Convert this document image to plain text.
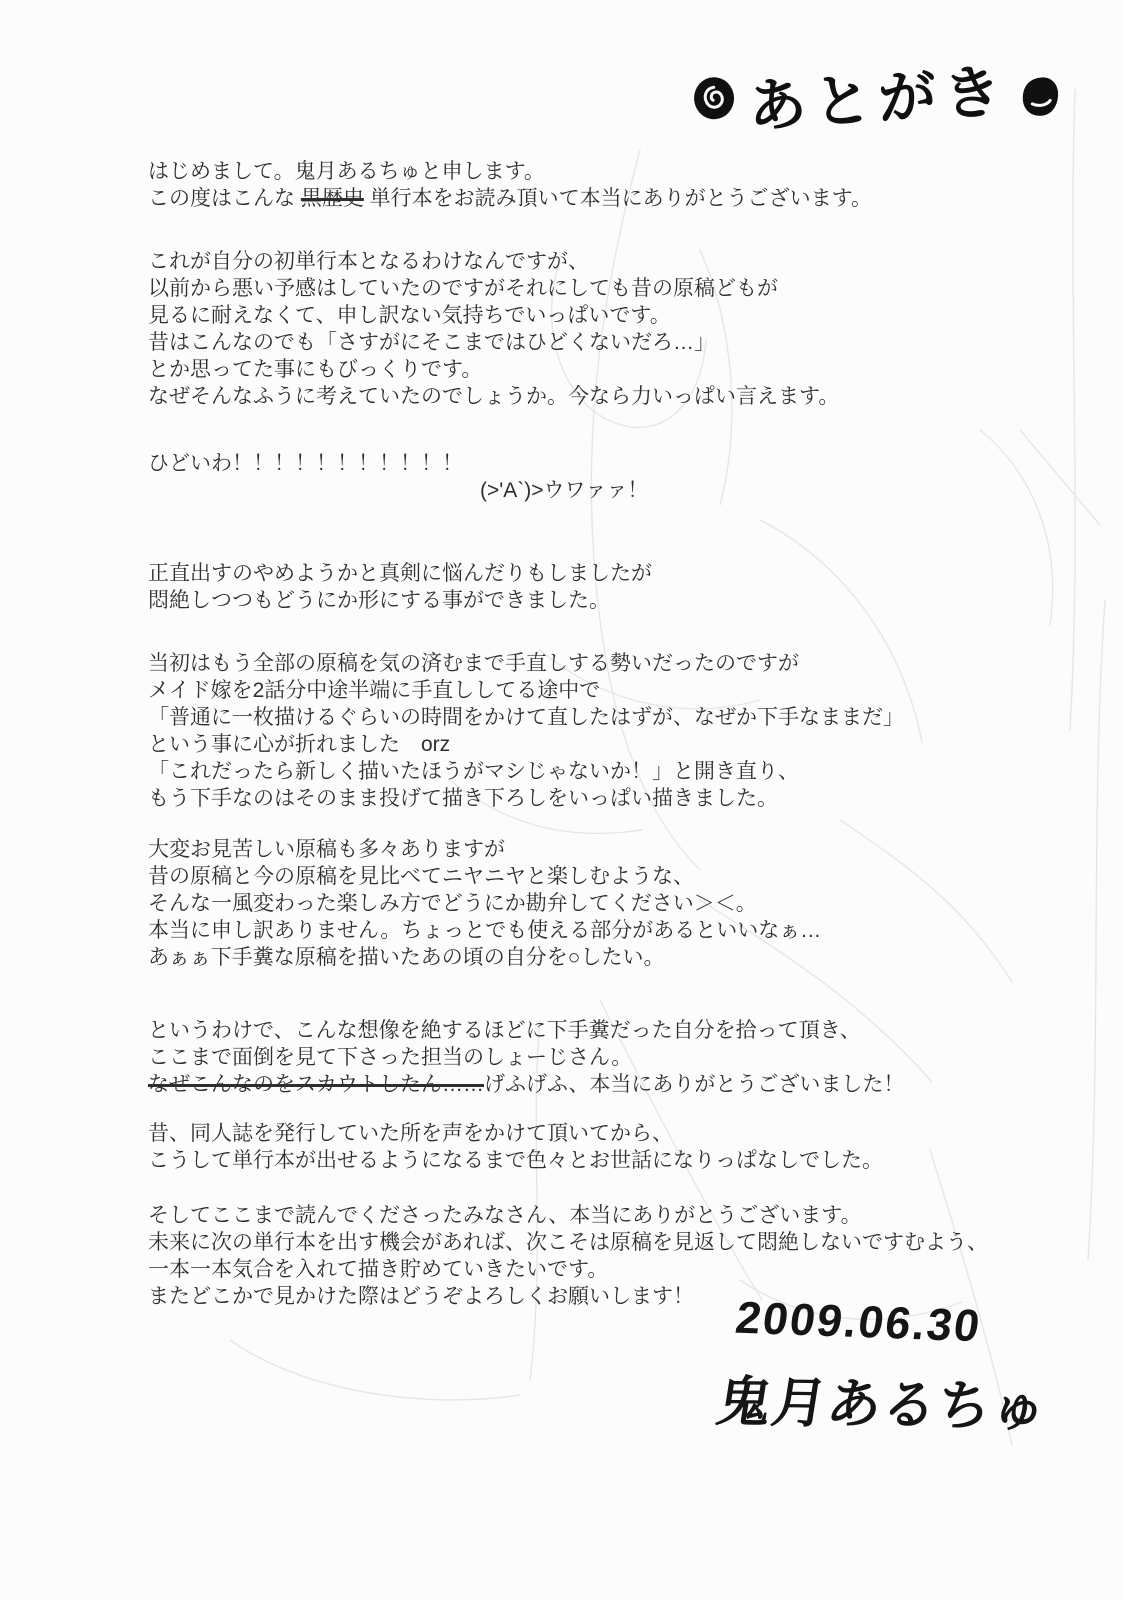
あとがき
はじめまして。鬼月あるちゅと申します。
この度はこんな 黒歴史 単行本をお読み頂いて本当にありがとうございます。
これが自分の初単行本となるわけなんですが、
以前から悪い予感はしていたのですがそれにしても昔の原稿どもが
見るに耐えなくて、申し訳ない気持ちでいっぱいです。
昔はこんなのでも「さすがにそこまではひどくないだろ…」
とか思ってた事にもびっくりです。
なぜそんなふうに考えていたのでしょうか。今なら力いっぱい言えます。
ひどいわ！！！！！！！！！！！
(>'A`)>ウワァァ！
正直出すのやめようかと真剣に悩んだりもしましたが
悶絶しつつもどうにか形にする事ができました。
当初はもう全部の原稿を気の済むまで手直しする勢いだったのですが
メイド嫁を2話分中途半端に手直ししてる途中で
「普通に一枚描けるぐらいの時間をかけて直したはずが、なぜか下手なままだ」
という事に心が折れました　orz
「これだったら新しく描いたほうがマシじゃないか！」と開き直り、
もう下手なのはそのまま投げて描き下ろしをいっぱい描きました。
大変お見苦しい原稿も多々ありますが
昔の原稿と今の原稿を見比べてニヤニヤと楽しむような、
そんな一風変わった楽しみ方でどうにか勘弁してください＞＜。
本当に申し訳ありません。ちょっとでも使える部分があるといいなぁ…
あぁぁ下手糞な原稿を描いたあの頃の自分を○したい。
というわけで、こんな想像を絶するほどに下手糞だった自分を拾って頂き、
ここまで面倒を見て下さった担当のしょーじさん。
なぜこんなのをスカウトしたん……げふげふ、本当にありがとうございました！
昔、同人誌を発行していた所を声をかけて頂いてから、
こうして単行本が出せるようになるまで色々とお世話になりっぱなしでした。
そしてここまで読んでくださったみなさん、本当にありがとうございます。
未来に次の単行本を出す機会があれば、次こそは原稿を見返して悶絶しないですむよう、
一本一本気合を入れて描き貯めていきたいです。
またどこかで見かけた際はどうぞよろしくお願いします！ 2009.06.30
鬼月あるちゅ
